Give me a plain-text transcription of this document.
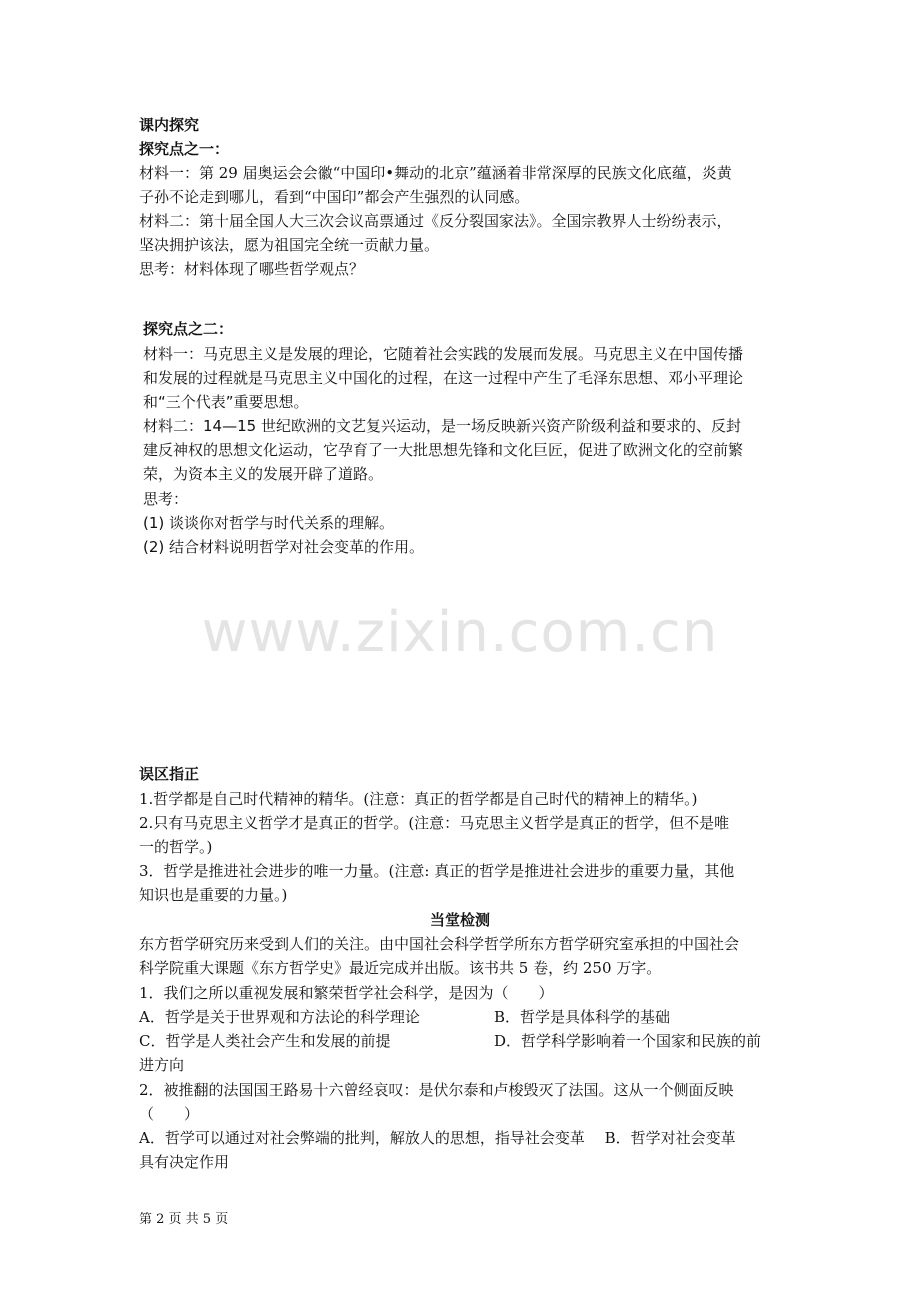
课内探究
探究点之一：
材料一：第 29 届奥运会会徽“中国印•舞动的北京”蕴涵着非常深厚的民族文化底蕴，炎黄
子孙不论走到哪儿，看到“中国印”都会产生强烈的认同感。
材料二：第十届全国人大三次会议高票通过《反分裂国家法》。全国宗教界人士纷纷表示，
坚决拥护该法，愿为祖国完全统一贡献力量。
思考：材料体现了哪些哲学观点？
探究点之二：
材料一：马克思主义是发展的理论，它随着社会实践的发展而发展。马克思主义在中国传播
和发展的过程就是马克思主义中国化的过程，在这一过程中产生了毛泽东思想、邓小平理论
和“三个代表”重要思想。
材料二：14—15 世纪欧洲的文艺复兴运动，是一场反映新兴资产阶级利益和要求的、反封
建反神权的思想文化运动，它孕育了一大批思想先锋和文化巨匠，促进了欧洲文化的空前繁
荣，为资本主义的发展开辟了道路。
思考：
(1) 谈谈你对哲学与时代关系的理解。
(2) 结合材料说明哲学对社会变革的作用。
www.zixin.com.cn
误区指正
1.哲学都是自己时代精神的精华。(注意：真正的哲学都是自己时代的精神上的精华。)
2.只有马克思主义哲学才是真正的哲学。(注意：马克思主义哲学是真正的哲学，但不是唯
一的哲学。)
3．哲学是推进社会进步的唯一力量。(注意: 真正的哲学是推进社会进步的重要力量，其他
知识也是重要的力量。)
当堂检测
东方哲学研究历来受到人们的关注。由中国社会科学哲学所东方哲学研究室承担的中国社会
科学院重大课题《东方哲学史》最近完成并出版。该书共 5 卷，约 250 万字。
1．我们之所以重视发展和繁荣哲学社会科学，是因为（　　）
A．哲学是关于世界观和方法论的科学理论	B．哲学是具体科学的基础
C．哲学是人类社会产生和发展的前提	D．哲学科学影响着一个国家和民族的前
进方向
2．被推翻的法国国王路易十六曾经哀叹：是伏尔泰和卢梭毁灭了法国。这从一个侧面反映
（　　）
A．哲学可以通过对社会弊端的批判，解放人的思想，指导社会变革　 B．哲学对社会变革
具有决定作用
第 2 页 共 5 页
